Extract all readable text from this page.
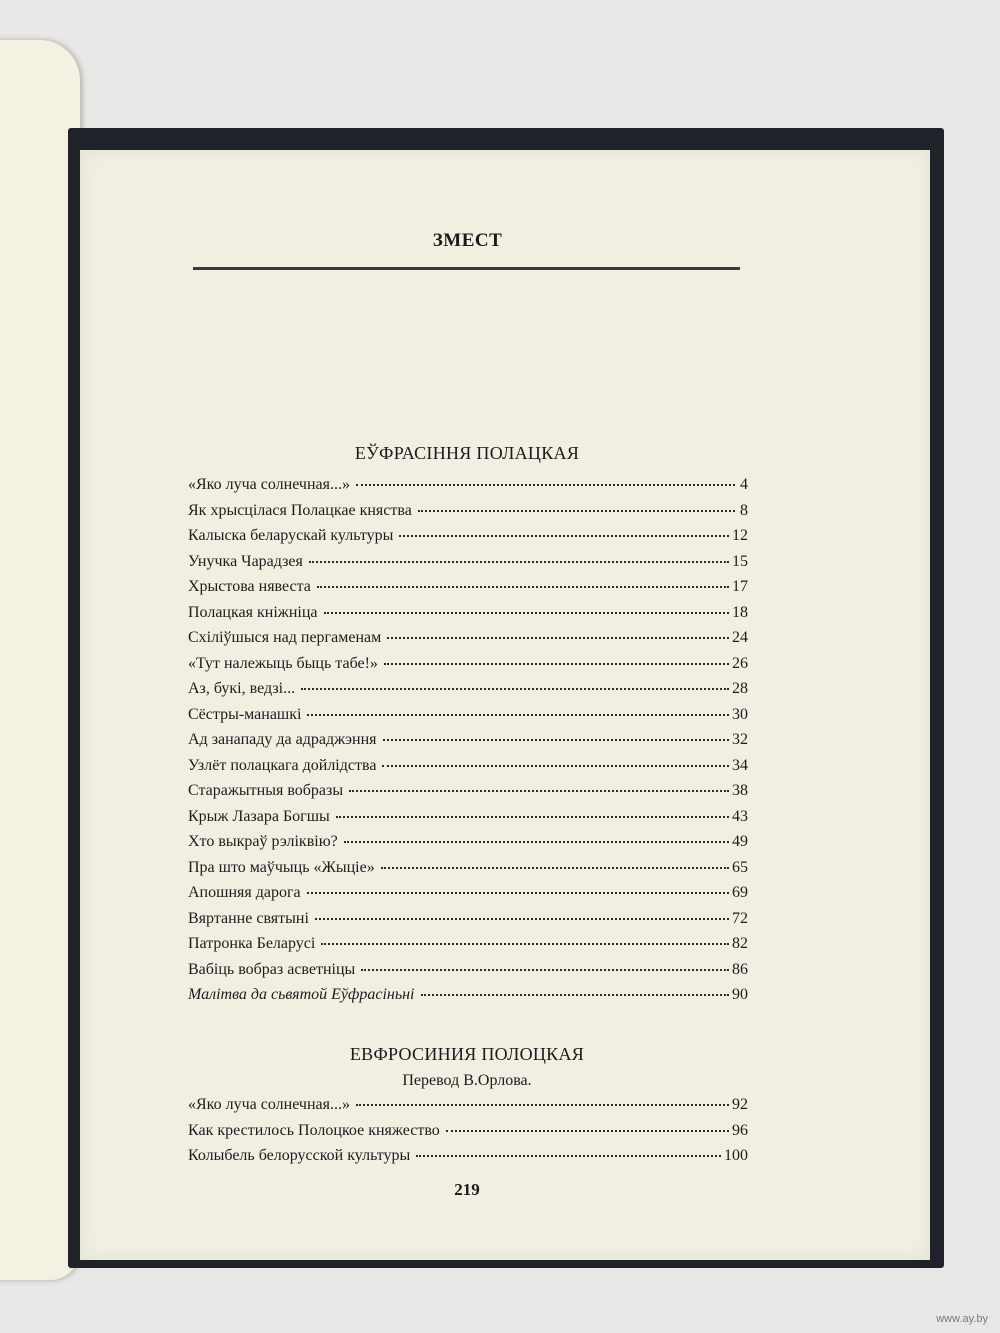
ЗМЕСТ
ЕЎФРАСІННЯ ПОЛАЦКАЯ
«Яко луча солнечная...»	4
Як хрысцілася Полацкае княства	8
Калыска беларускай культуры	12
Унучка Чарадзея	15
Хрыстова нявеста	17
Полацкая кніжніца	18
Схіліўшыся над пергаменам	24
«Тут належыць быць табе!»	26
Аз, букі, ведзі...	28
Сёстры-манашкі	30
Ад занападу да адраджэння	32
Узлёт полацкага дойлідства	34
Старажытныя вобразы	38
Крыж Лазара Богшы	43
Хто выкраў рэліквію?	49
Пра што маўчыць «Жыціе»	65
Апошняя дарога	69
Вяртанне святыні	72
Патронка Беларусі	82
Вабіць вобраз асветніцы	86
Малітва да сьвятой Еўфрасіньні	90
ЕВФРОСИНИЯ ПОЛОЦКАЯ
Перевод В.Орлова.
«Яко луча солнечная...»	92
Как крестилось Полоцкое княжество	96
Колыбель белорусской культуры	100
219
www.ay.by
